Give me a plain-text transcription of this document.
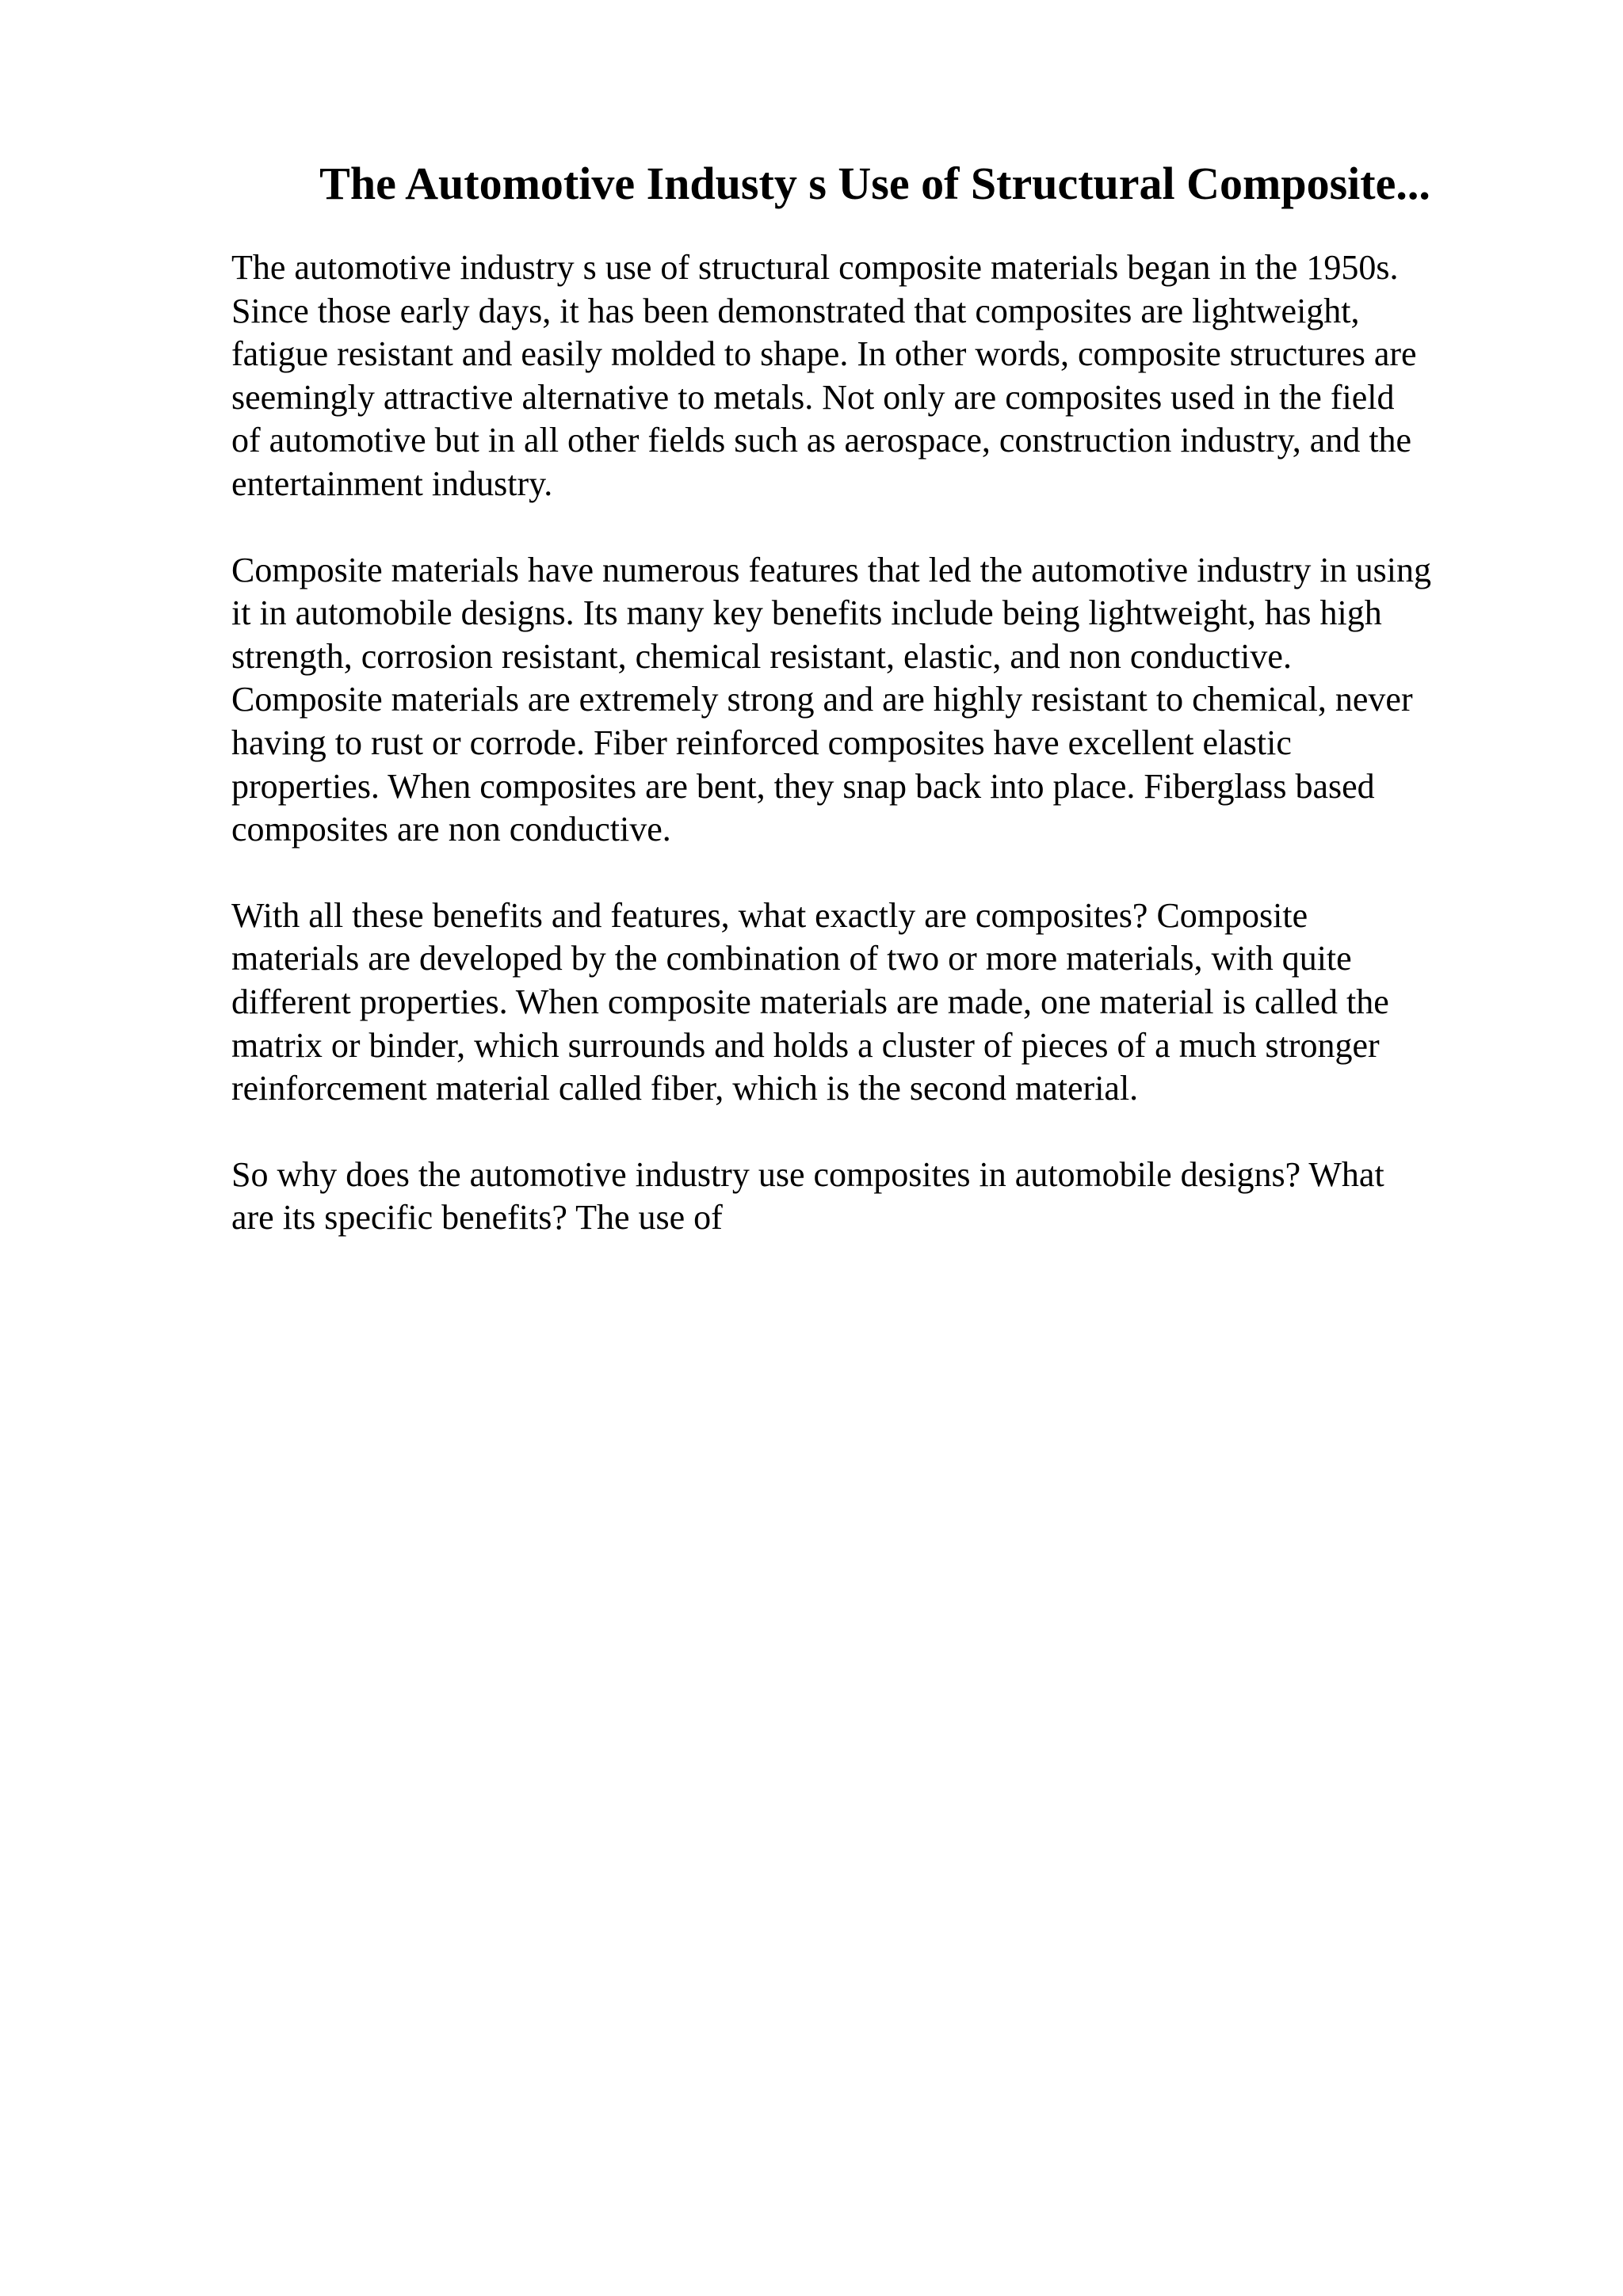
The Automotive Industy s Use of Structural Composite...

The automotive industry s use of structural composite materials began in the 1950s.
Since those early days, it has been demonstrated that composites are lightweight,
fatigue resistant and easily molded to shape. In other words, composite structures are
seemingly attractive alternative to metals. Not only are composites used in the field
of automotive but in all other fields such as aerospace, construction industry, and the
entertainment industry.

Composite materials have numerous features that led the automotive industry in using
it in automobile designs. Its many key benefits include being lightweight, has high
strength, corrosion resistant, chemical resistant, elastic, and non conductive.
Composite materials are extremely strong and are highly resistant to chemical, never
having to rust or corrode. Fiber reinforced composites have excellent elastic
properties. When composites are bent, they snap back into place. Fiberglass based
composites are non conductive.

With all these benefits and features, what exactly are composites? Composite
materials are developed by the combination of two or more materials, with quite
different properties. When composite materials are made, one material is called the
matrix or binder, which surrounds and holds a cluster of pieces of a much stronger
reinforcement material called fiber, which is the second material.

So why does the automotive industry use composites in automobile designs? What
are its specific benefits? The use of
